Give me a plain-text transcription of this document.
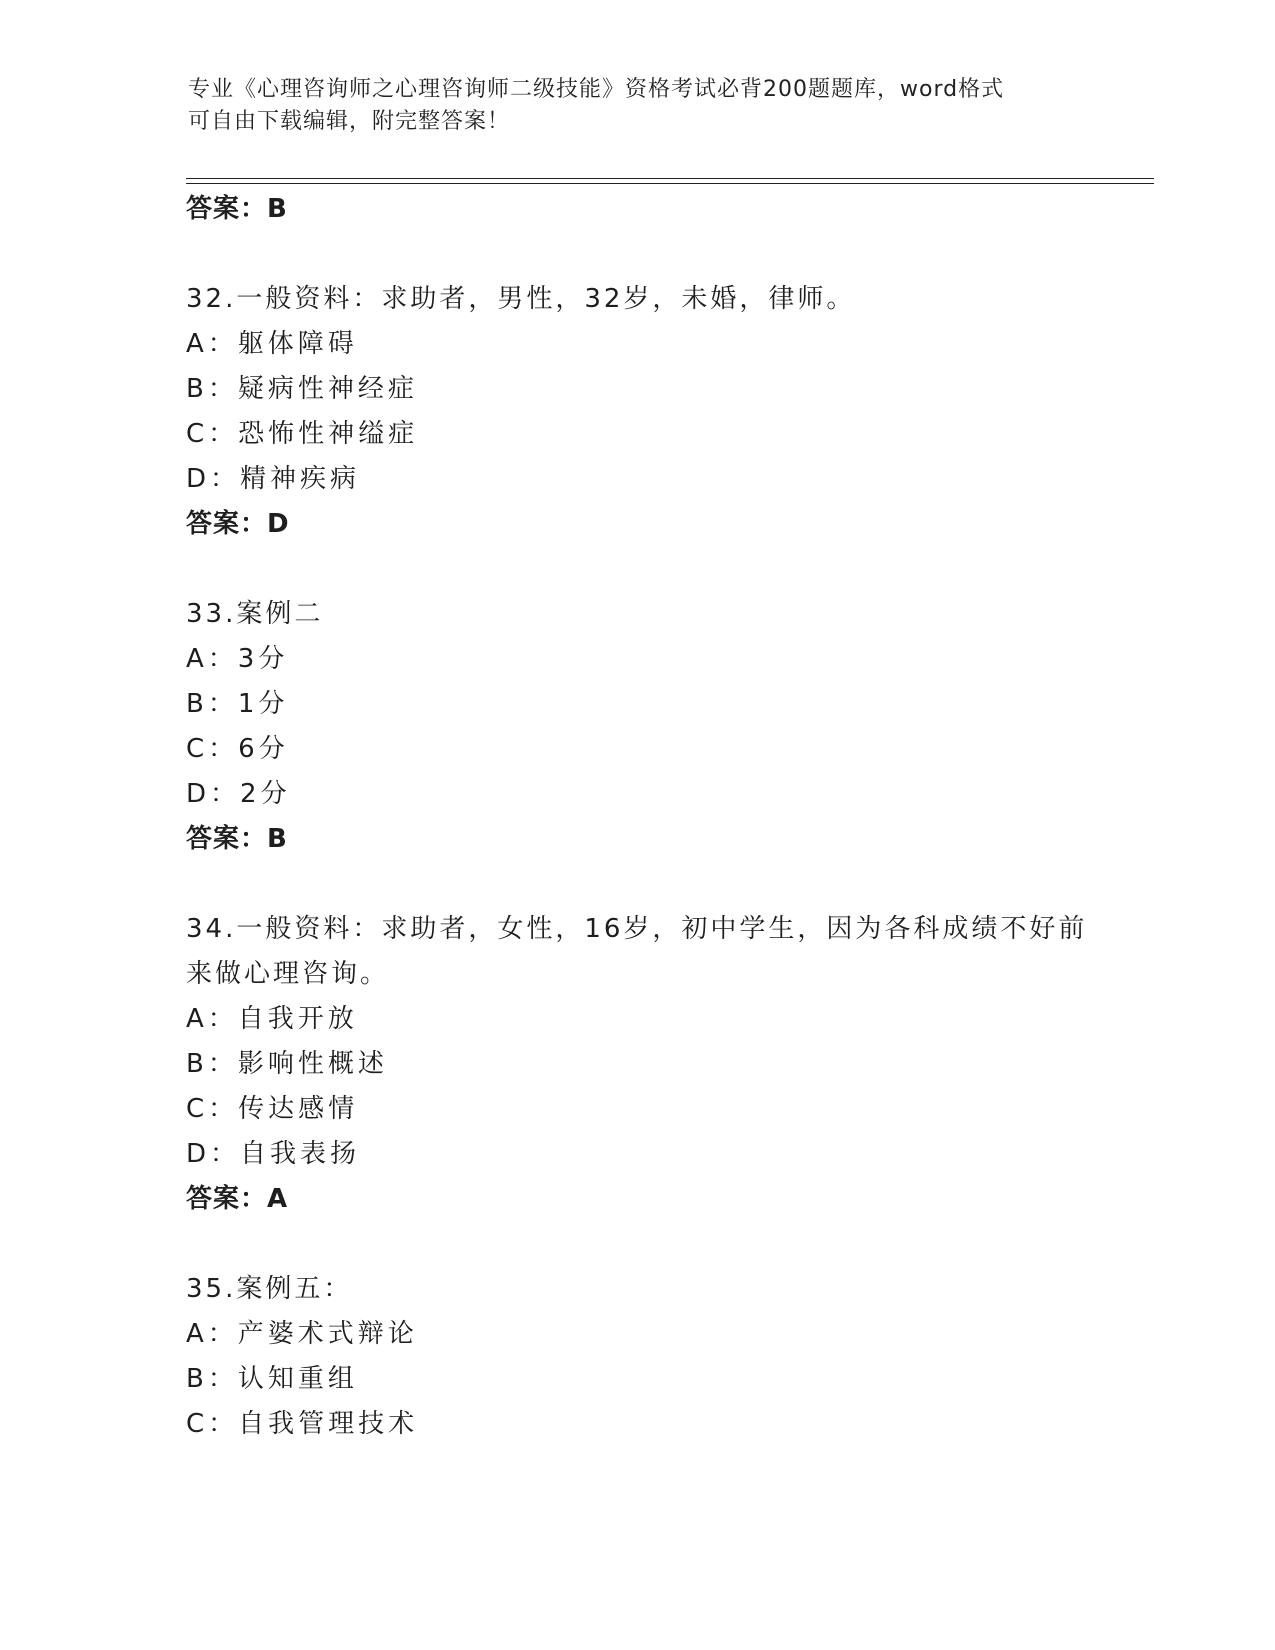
专业《心理咨询师之心理咨询师二级技能》资格考试必背200题题库，word格式
可自由下载编辑，附完整答案！
答案：B
32.一般资料：求助者，男性，32岁，未婚，律师。
A：躯体障碍
B：疑病性神经症
C：恐怖性神缢症
D：精神疾病
答案：D
33.案例二
A：3分
B：1分
C：6分
D：2分
答案：B
34.一般资料：求助者，女性，16岁，初中学生，因为各科成绩不好前
来做心理咨询。
A：自我开放
B：影响性概述
C：传达感情
D：自我表扬
答案：A
35.案例五：
A：产婆术式辩论
B：认知重组
C：自我管理技术
